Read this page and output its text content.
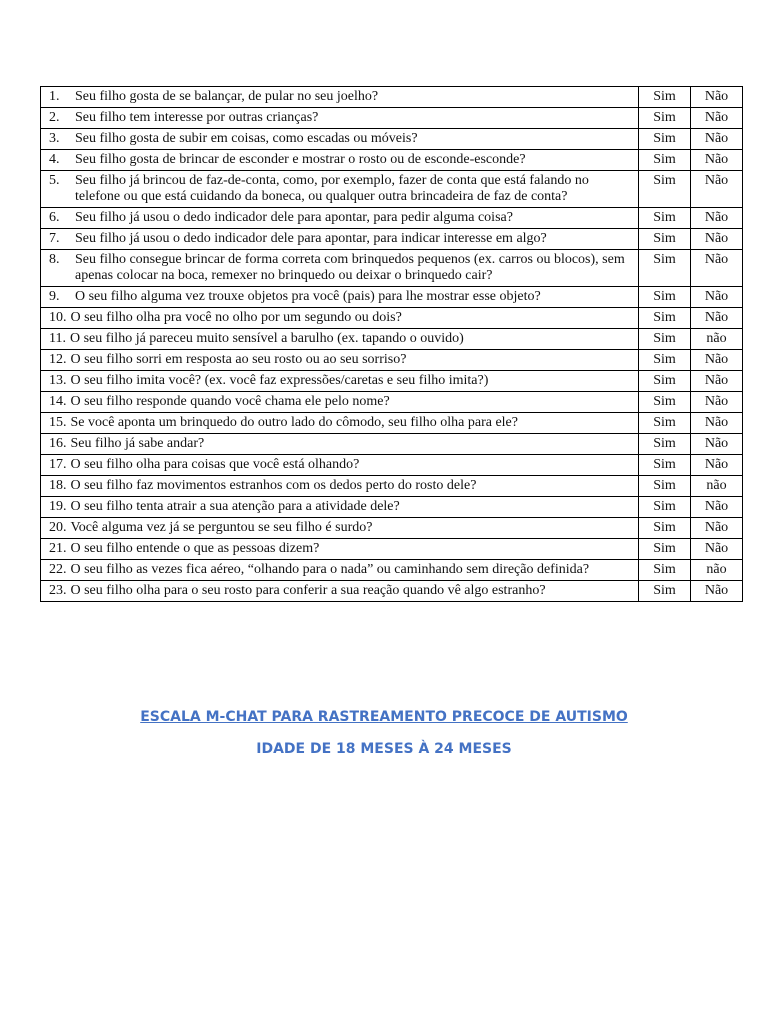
1. Seu filho gosta de se balançar, de pular no seu joelho?	Sim	Não

2. Seu filho tem interesse por outras crianças?	Sim	Não

3. Seu filho gosta de subir em coisas, como escadas ou móveis?	Sim	Não

4. Seu filho gosta de brincar de esconder e mostrar o rosto ou de esconde-esconde?	Sim	Não

5. Seu filho já brincou de faz-de-conta, como, por exemplo, fazer de conta que está falando no telefone ou que está cuidando da boneca, ou qualquer outra brincadeira de faz de conta?	Sim	Não

6. Seu filho já usou o dedo indicador dele para apontar, para pedir alguma coisa?	Sim	Não

7. Seu filho já usou o dedo indicador dele para apontar, para indicar interesse em algo?	Sim	Não

8. Seu filho consegue brincar de forma correta com brinquedos pequenos (ex. carros ou blocos), sem apenas colocar na boca, remexer no brinquedo ou deixar o brinquedo cair?	Sim	Não

9. O seu filho alguma vez trouxe objetos pra você (pais) para lhe mostrar esse objeto?	Sim	Não

10. O seu filho olha pra você no olho por um segundo ou dois?	Sim	Não

11. O seu filho já pareceu muito sensível a barulho (ex. tapando o ouvido)	Sim	não

12. O seu filho sorri em resposta ao seu rosto ou ao seu sorriso?	Sim	Não

13. O seu filho imita você? (ex. você faz expressões/caretas e seu filho imita?)	Sim	Não

14. O seu filho responde quando você chama ele pelo nome?	Sim	Não

15. Se você aponta um brinquedo do outro lado do cômodo, seu filho olha para ele?	Sim	Não

16. Seu filho já sabe andar?	Sim	Não

17. O seu filho olha para coisas que você está olhando?	Sim	Não

18. O seu filho faz movimentos estranhos com os dedos perto do rosto dele?	Sim	não

19. O seu filho tenta atrair a sua atenção para a atividade dele?	Sim	Não

20. Você alguma vez já se perguntou se seu filho é surdo?	Sim	Não

21. O seu filho entende o que as pessoas dizem?	Sim	Não

22. O seu filho as vezes fica aéreo, “olhando para o nada” ou caminhando sem direção definida?	Sim	não

23. O seu filho olha para o seu rosto para conferir a sua reação quando vê algo estranho?	Sim	Não

ESCALA M-CHAT PARA RASTREAMENTO PRECOCE DE AUTISMO

IDADE DE 18 MESES À 24 MESES
